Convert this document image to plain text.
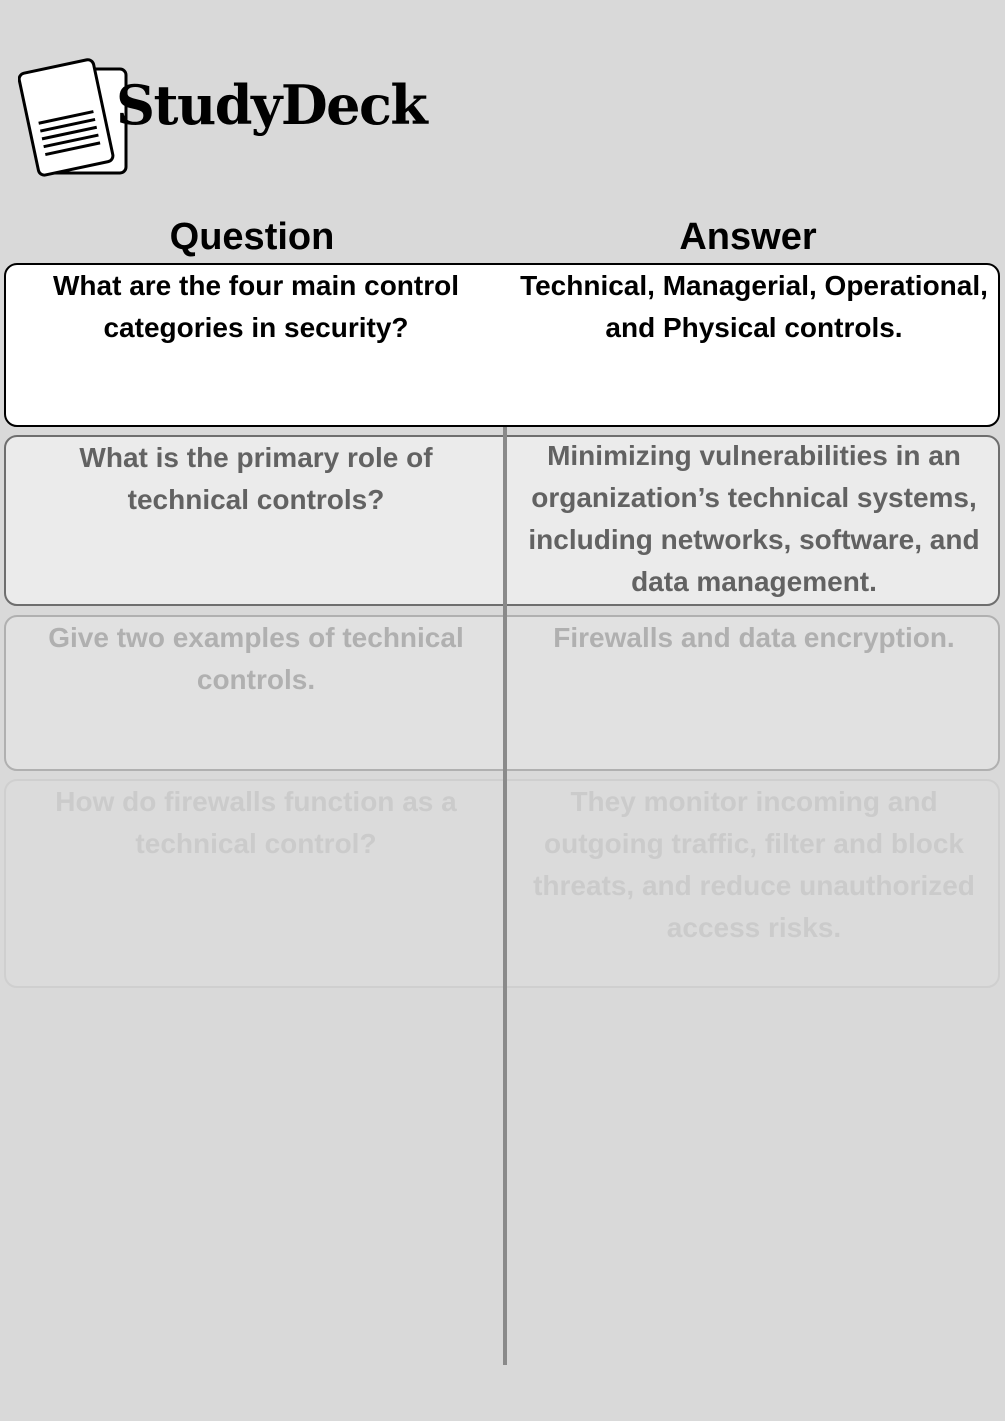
StudyDeck
Question	Answer
What are the four main control categories in security?
Technical, Managerial, Operational, and Physical controls.
What is the primary role of technical controls?
Minimizing vulnerabilities in an organization’s technical systems, including networks, software, and data management.
Give two examples of technical controls.
Firewalls and data encryption.
How do firewalls function as a technical control?
They monitor incoming and outgoing traffic, filter and block threats, and reduce unauthorized access risks.
